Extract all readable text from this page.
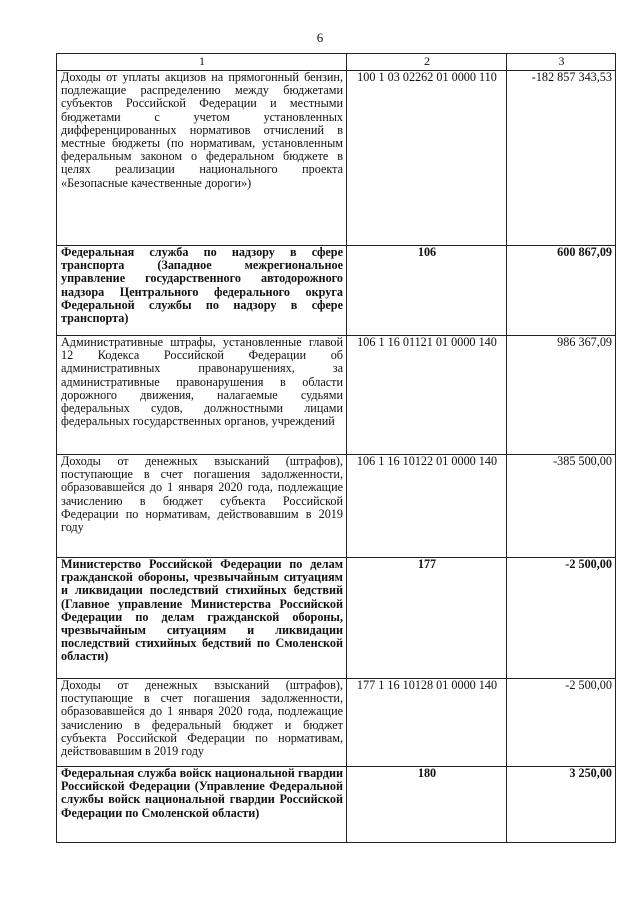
6
1	2	3
Доходы от уплаты акцизов на прямогонный бензин, подлежащие распределению между бюджетами субъектов Российской Федерации и местными бюджетами с учетом установленных дифференцированных нормативов отчислений в местные бюджеты (по нормативам, установленным федеральным законом о федеральном бюджете в целях реализации национального проекта «Безопасные качественные дороги»)	100 1 03 02262 01 0000 110	-182 857 343,53
Федеральная служба по надзору в сфере транспорта (Западное межрегиональное управление государственного автодорожного надзора Центрального федерального округа Федеральной службы по надзору в сфере транспорта)	106	600 867,09
Административные штрафы, установленные главой 12 Кодекса Российской Федерации об административных правонарушениях, за административные правонарушения в области дорожного движения, налагаемые судьями федеральных судов, должностными лицами федеральных государственных органов, учреждений	106 1 16 01121 01 0000 140	986 367,09
Доходы от денежных взысканий (штрафов), поступающие в счет погашения задолженности, образовавшейся до 1 января 2020 года, подлежащие зачислению в бюджет субъекта Российской Федерации по нормативам, действовавшим в 2019 году	106 1 16 10122 01 0000 140	-385 500,00
Министерство Российской Федерации по делам гражданской обороны, чрезвычайным ситуациям и ликвидации последствий стихийных бедствий (Главное управление Министерства Российской Федерации по делам гражданской обороны, чрезвычайным ситуациям и ликвидации последствий стихийных бедствий по Смоленской области)	177	-2 500,00
Доходы от денежных взысканий (штрафов), поступающие в счет погашения задолженности, образовавшейся до 1 января 2020 года, подлежащие зачислению в федеральный бюджет и бюджет субъекта Российской Федерации по нормативам, действовавшим в 2019 году	177 1 16 10128 01 0000 140	-2 500,00
Федеральная служба войск национальной гвардии Российской Федерации (Управление Федеральной службы войск национальной гвардии Российской Федерации по Смоленской области)	180	3 250,00
